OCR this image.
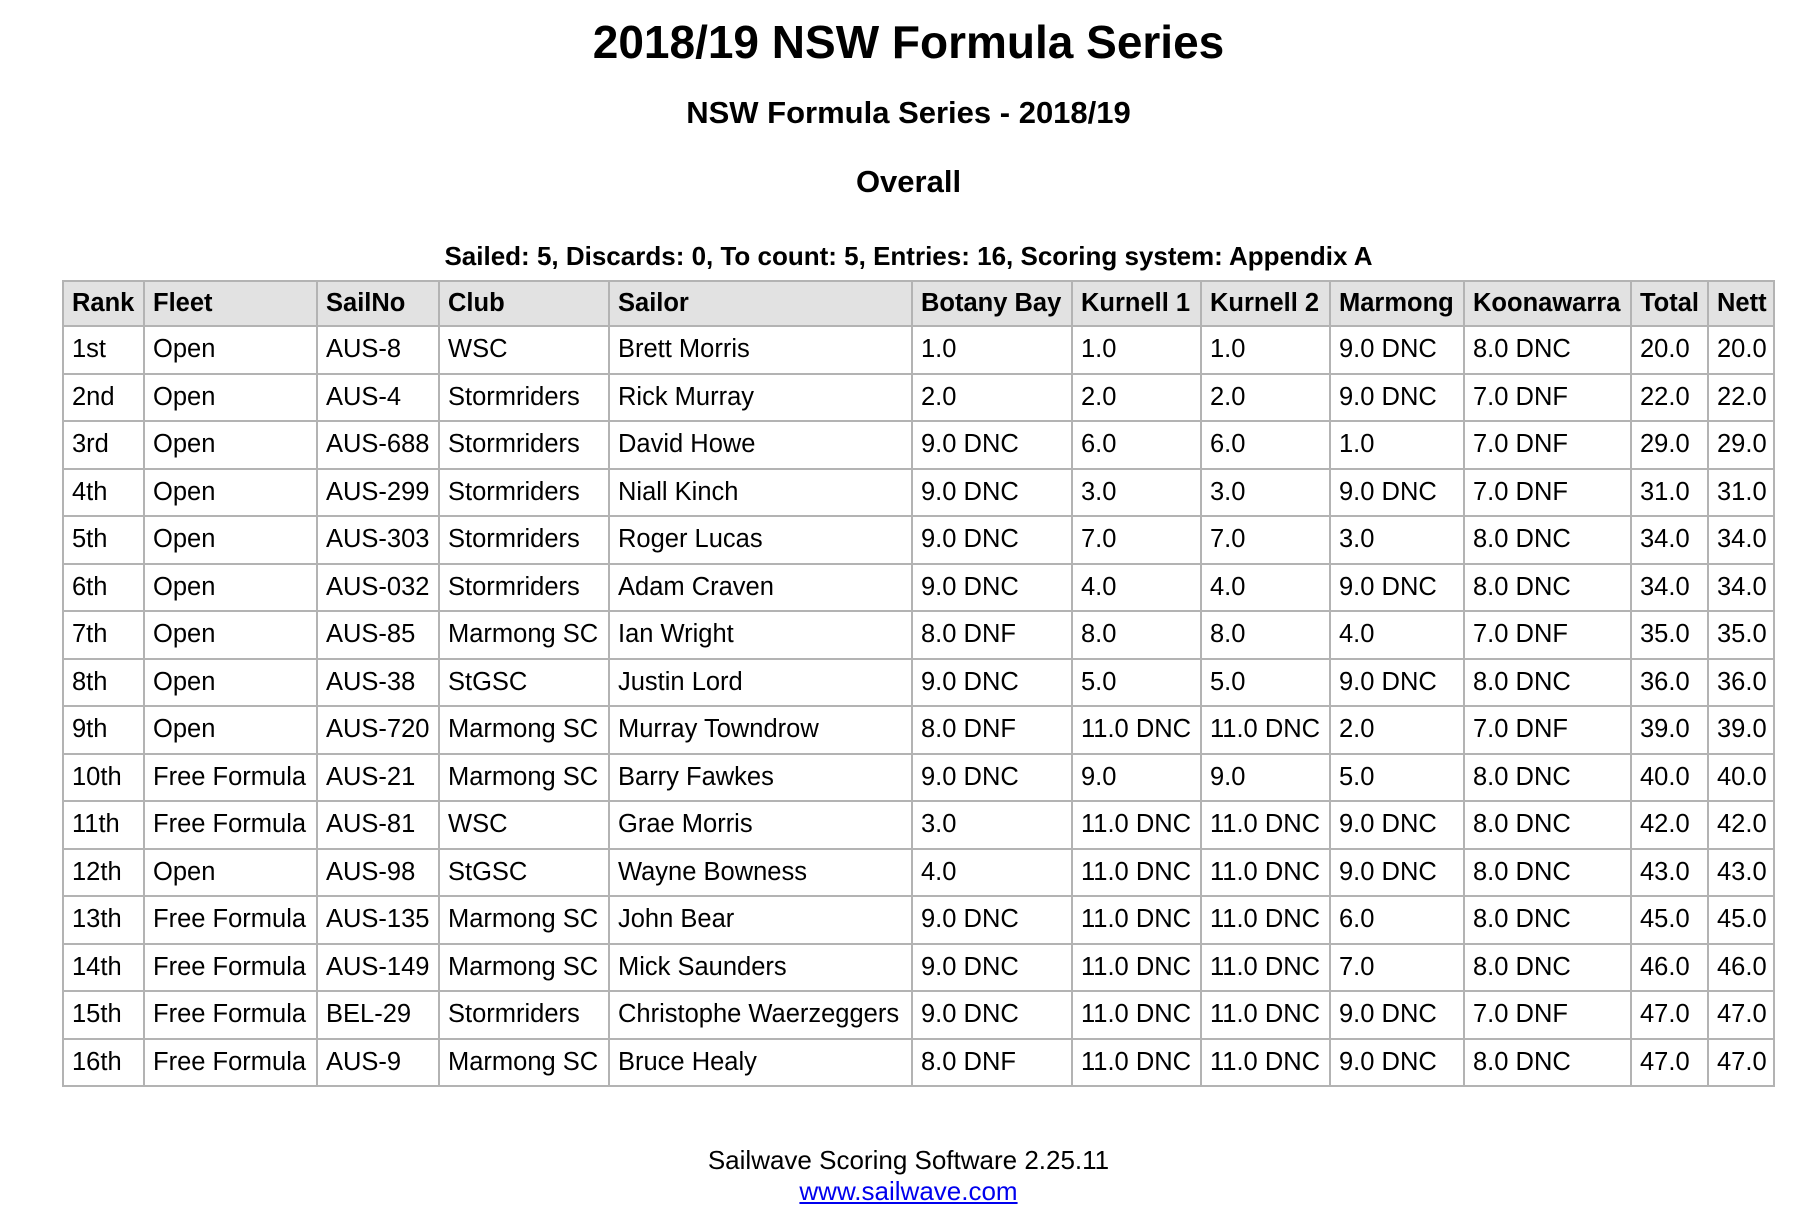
2018/19 NSW Formula Series
NSW Formula Series - 2018/19
Overall
Sailed: 5, Discards: 0, To count: 5, Entries: 16, Scoring system: Appendix A
Rank	Fleet	SailNo	Club	Sailor	Botany Bay	Kurnell 1	Kurnell 2	Marmong	Koonawarra	Total	Nett
1st	Open	AUS-8	WSC	Brett Morris	1.0	1.0	1.0	9.0 DNC	8.0 DNC	20.0	20.0
2nd	Open	AUS-4	Stormriders	Rick Murray	2.0	2.0	2.0	9.0 DNC	7.0 DNF	22.0	22.0
3rd	Open	AUS-688	Stormriders	David Howe	9.0 DNC	6.0	6.0	1.0	7.0 DNF	29.0	29.0
4th	Open	AUS-299	Stormriders	Niall Kinch	9.0 DNC	3.0	3.0	9.0 DNC	7.0 DNF	31.0	31.0
5th	Open	AUS-303	Stormriders	Roger Lucas	9.0 DNC	7.0	7.0	3.0	8.0 DNC	34.0	34.0
6th	Open	AUS-032	Stormriders	Adam Craven	9.0 DNC	4.0	4.0	9.0 DNC	8.0 DNC	34.0	34.0
7th	Open	AUS-85	Marmong SC	Ian Wright	8.0 DNF	8.0	8.0	4.0	7.0 DNF	35.0	35.0
8th	Open	AUS-38	StGSC	Justin Lord	9.0 DNC	5.0	5.0	9.0 DNC	8.0 DNC	36.0	36.0
9th	Open	AUS-720	Marmong SC	Murray Towndrow	8.0 DNF	11.0 DNC	11.0 DNC	2.0	7.0 DNF	39.0	39.0
10th	Free Formula	AUS-21	Marmong SC	Barry Fawkes	9.0 DNC	9.0	9.0	5.0	8.0 DNC	40.0	40.0
11th	Free Formula	AUS-81	WSC	Grae Morris	3.0	11.0 DNC	11.0 DNC	9.0 DNC	8.0 DNC	42.0	42.0
12th	Open	AUS-98	StGSC	Wayne Bowness	4.0	11.0 DNC	11.0 DNC	9.0 DNC	8.0 DNC	43.0	43.0
13th	Free Formula	AUS-135	Marmong SC	John Bear	9.0 DNC	11.0 DNC	11.0 DNC	6.0	8.0 DNC	45.0	45.0
14th	Free Formula	AUS-149	Marmong SC	Mick Saunders	9.0 DNC	11.0 DNC	11.0 DNC	7.0	8.0 DNC	46.0	46.0
15th	Free Formula	BEL-29	Stormriders	Christophe Waerzeggers	9.0 DNC	11.0 DNC	11.0 DNC	9.0 DNC	7.0 DNF	47.0	47.0
16th	Free Formula	AUS-9	Marmong SC	Bruce Healy	8.0 DNF	11.0 DNC	11.0 DNC	9.0 DNC	8.0 DNC	47.0	47.0
Sailwave Scoring Software 2.25.11
www.sailwave.com
